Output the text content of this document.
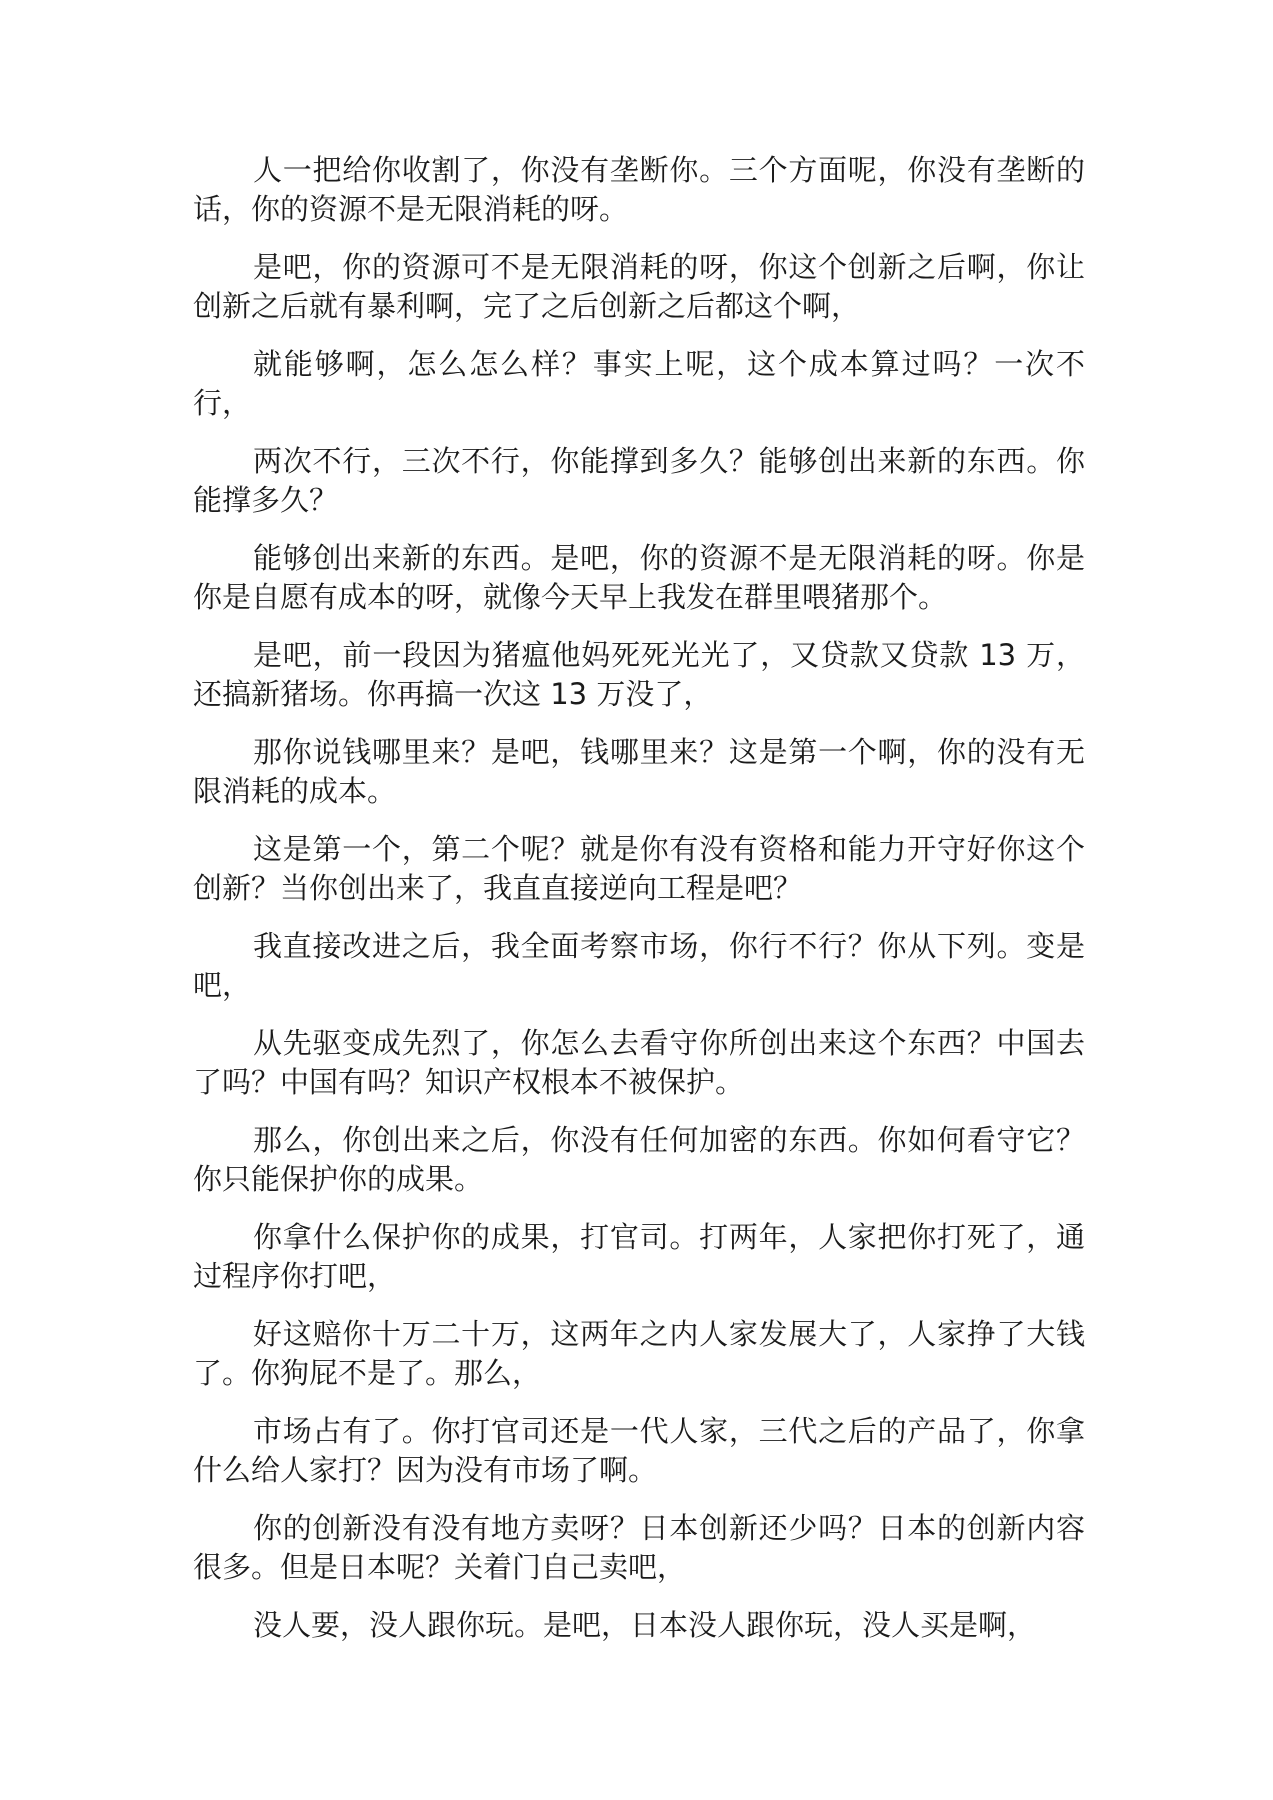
人一把给你收割了，你没有垄断你。三个方面呢，你没有垄断的话，你的资源不是无限消耗的呀。

是吧，你的资源可不是无限消耗的呀，你这个创新之后啊，你让创新之后就有暴利啊，完了之后创新之后都这个啊，

就能够啊，怎么怎么样？事实上呢，这个成本算过吗？一次不行，

两次不行，三次不行，你能撑到多久？能够创出来新的东西。你能撑多久？

能够创出来新的东西。是吧，你的资源不是无限消耗的呀。你是你是自愿有成本的呀，就像今天早上我发在群里喂猪那个。

是吧，前一段因为猪瘟他妈死死光光了，又贷款又贷款 13 万，还搞新猪场。你再搞一次这 13 万没了，

那你说钱哪里来？是吧，钱哪里来？这是第一个啊，你的没有无限消耗的成本。

这是第一个，第二个呢？就是你有没有资格和能力开守好你这个创新？当你创出来了，我直直接逆向工程是吧？

我直接改进之后，我全面考察市场，你行不行？你从下列。变是吧，

从先驱变成先烈了，你怎么去看守你所创出来这个东西？中国去了吗？中国有吗？知识产权根本不被保护。

那么，你创出来之后，你没有任何加密的东西。你如何看守它？你只能保护你的成果。

你拿什么保护你的成果，打官司。打两年，人家把你打死了，通过程序你打吧，

好这赔你十万二十万，这两年之内人家发展大了，人家挣了大钱了。你狗屁不是了。那么，

市场占有了。你打官司还是一代人家，三代之后的产品了，你拿什么给人家打？因为没有市场了啊。

你的创新没有没有地方卖呀？日本创新还少吗？日本的创新内容很多。但是日本呢？关着门自己卖吧，

没人要，没人跟你玩。是吧，日本没人跟你玩，没人买是啊，
